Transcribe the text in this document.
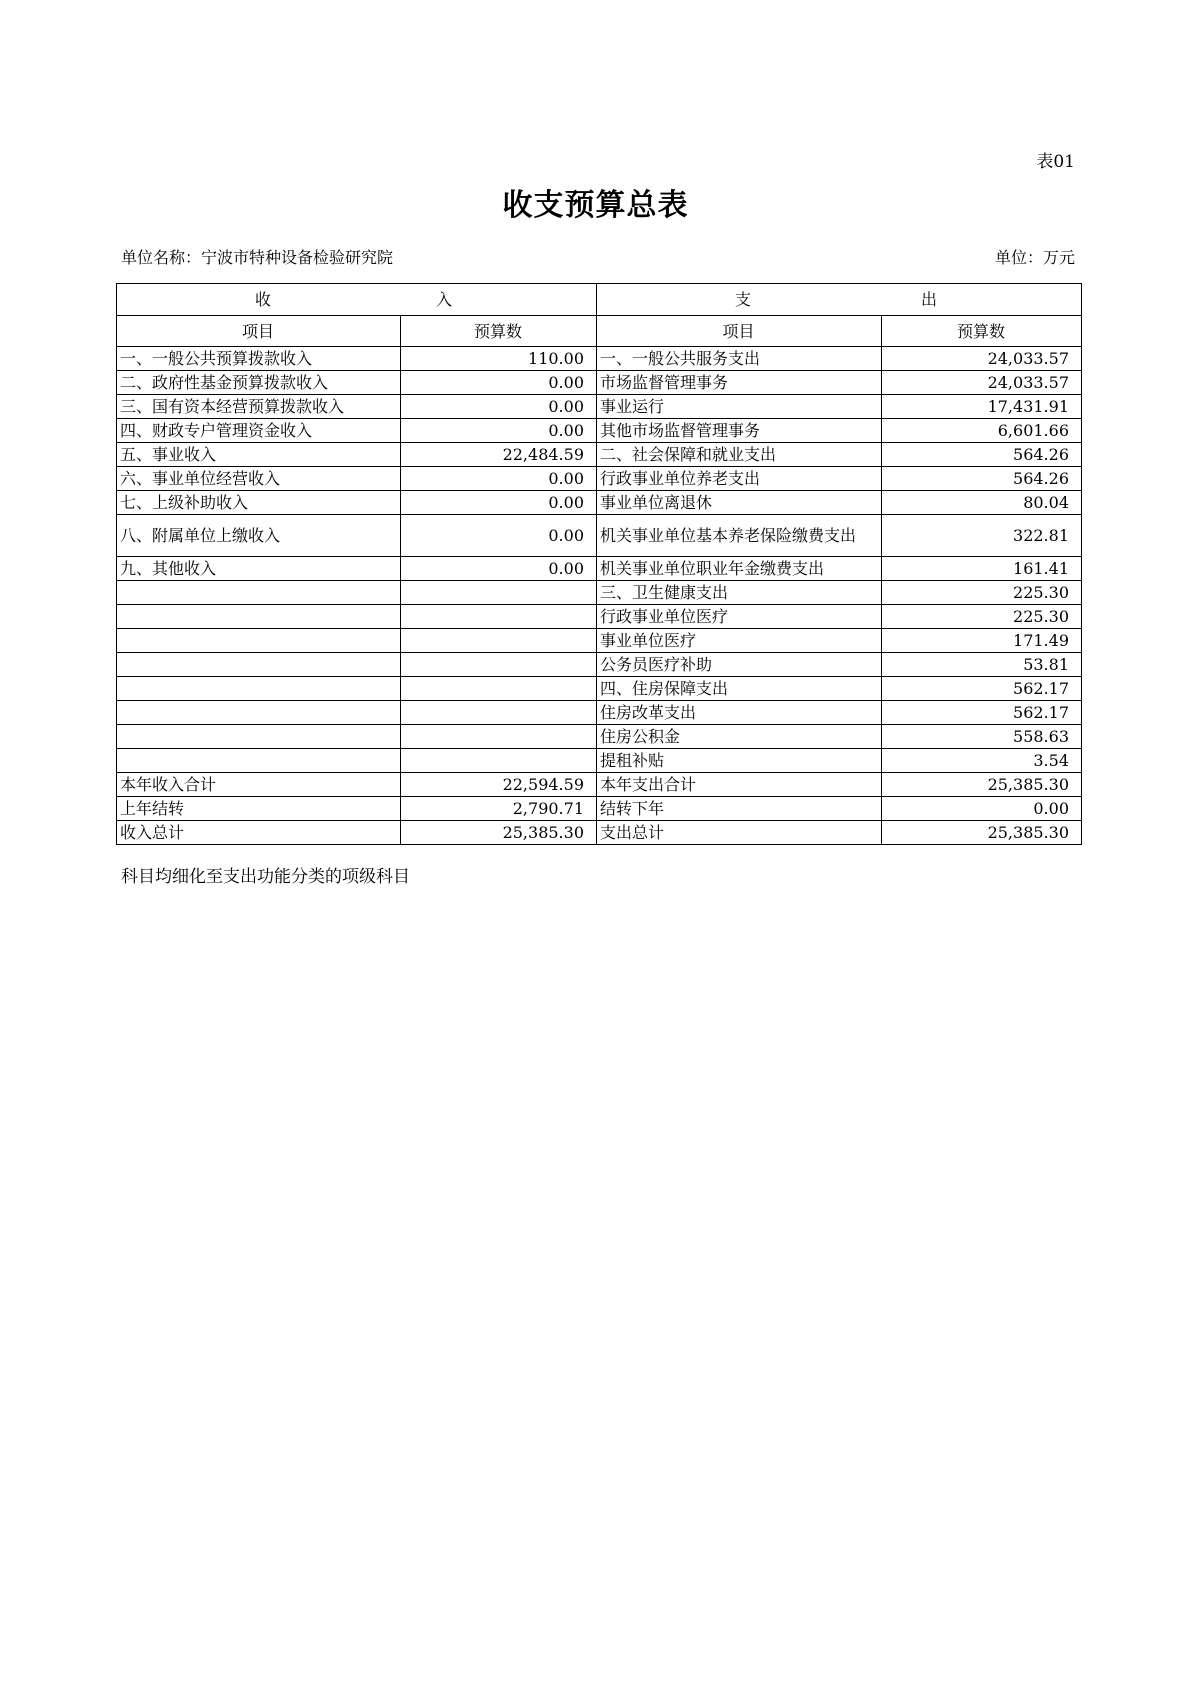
表01
收支预算总表
单位名称：宁波市特种设备检验研究院	单位：万元
收 入		支 出	

项目	预算数	项目	预算数
一、一般公共预算拨款收入	110.00	一、一般公共服务支出	24,033.57
二、政府性基金预算拨款收入	0.00	市场监督管理事务	24,033.57
三、国有资本经营预算拨款收入	0.00	事业运行	17,431.91
四、财政专户管理资金收入	0.00	其他市场监督管理事务	6,601.66
五、事业收入	22,484.59	二、社会保障和就业支出	564.26
六、事业单位经营收入	0.00	行政事业单位养老支出	564.26
七、上级补助收入	0.00	事业单位离退休	80.04
八、附属单位上缴收入	0.00	机关事业单位基本养老保险缴费支出	322.81
九、其他收入	0.00	机关事业单位职业年金缴费支出	161.41
		三、卫生健康支出	225.30
		行政事业单位医疗	225.30
		事业单位医疗	171.49
		公务员医疗补助	53.81
		四、住房保障支出	562.17
		住房改革支出	562.17
		住房公积金	558.63
		提租补贴	3.54
本年收入合计	22,594.59	本年支出合计	25,385.30
上年结转	2,790.71	结转下年	0.00
收入总计	25,385.30	支出总计	25,385.30
科目均细化至支出功能分类的项级科目
